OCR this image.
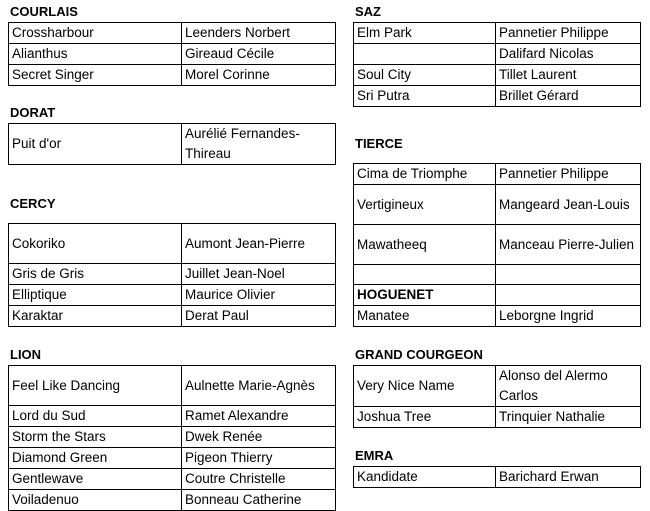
COURLAIS
Crossharbour	Leenders Norbert
Alianthus	Gireaud Cécile
Secret Singer	Morel Corinne
DORAT
Puit d'or	Aurélié Fernandes-Thireau
CERCY
Cokoriko	Aumont Jean-Pierre
Gris de Gris	Juillet Jean-Noel
Elliptique	Maurice Olivier
Karaktar	Derat Paul
LION
Feel Like Dancing	Aulnette Marie-Agnès
Lord du Sud	Ramet Alexandre
Storm the Stars	Dwek Renée
Diamond Green	Pigeon Thierry
Gentlewave	Coutre Christelle
Voiladenuo	Bonneau Catherine
SAZ
Elm Park	Pannetier Philippe
	Dalifard Nicolas
Soul City	Tillet Laurent
Sri Putra	Brillet Gérard
TIERCE
Cima de Triomphe	Pannetier Philippe
Vertigineux	Mangeard Jean-Louis
Mawatheeq	Manceau Pierre-Julien

HOGUENET	
Manatee	Leborgne Ingrid
GRAND COURGEON
Very Nice Name	Alonso del Alermo Carlos
Joshua Tree	Trinquier Nathalie
EMRA
Kandidate	Barichard Erwan
